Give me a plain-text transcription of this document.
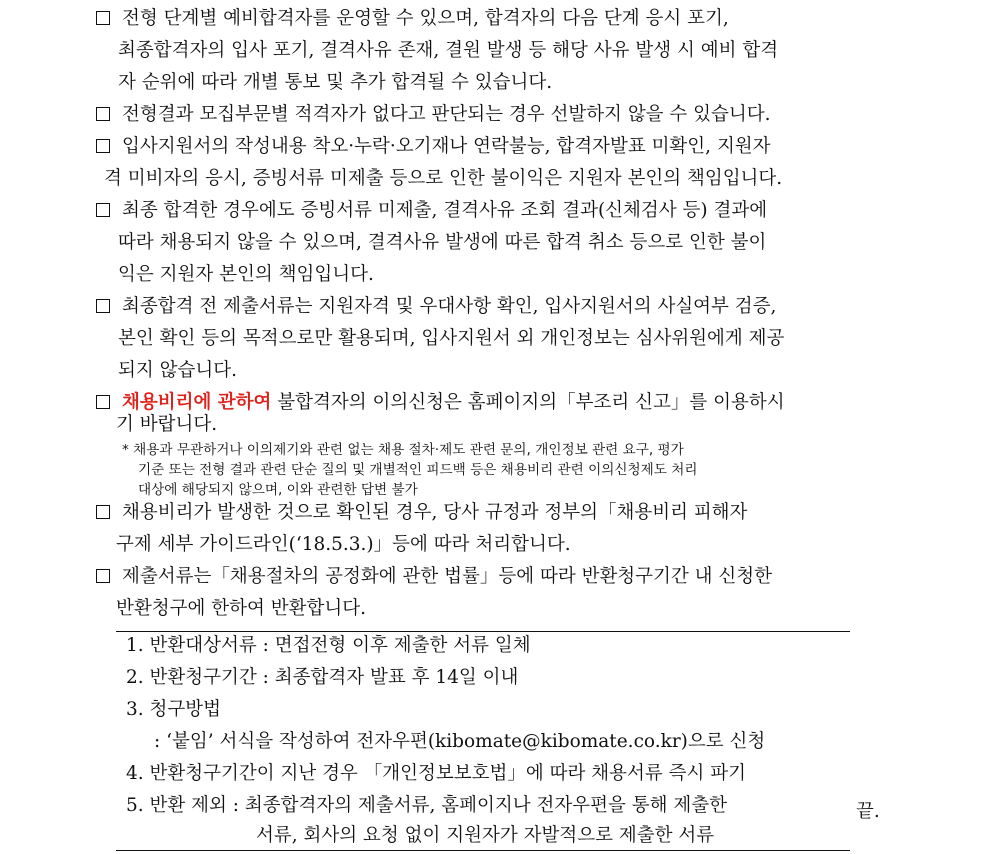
전형 단계별 예비합격자를 운영할 수 있으며, 합격자의 다음 단계 응시 포기,
최종합격자의 입사 포기, 결격사유 존재, 결원 발생 등 해당 사유 발생 시 예비 합격
자 순위에 따라 개별 통보 및 추가 합격될 수 있습니다.
전형결과 모집부문별 적격자가 없다고 판단되는 경우 선발하지 않을 수 있습니다.
입사지원서의 작성내용 착오·누락·오기재나 연락불능, 합격자발표 미확인, 지원자
격 미비자의 응시, 증빙서류 미제출 등으로 인한 불이익은 지원자 본인의 책임입니다.
최종 합격한 경우에도 증빙서류 미제출, 결격사유 조회 결과(신체검사 등) 결과에
따라 채용되지 않을 수 있으며, 결격사유 발생에 따른 합격 취소 등으로 인한 불이
익은 지원자 본인의 책임입니다.
최종합격 전 제출서류는 지원자격 및 우대사항 확인, 입사지원서의 사실여부 검증,
본인 확인 등의 목적으로만 활용되며, 입사지원서 외 개인정보는 심사위원에게 제공
되지 않습니다.
채용비리에 관하여 불합격자의 이의신청은 홈페이지의「부조리 신고」를 이용하시
기 바랍니다.
* 채용과 무관하거나 이의제기와 관련 없는 채용 절차·제도 관련 문의, 개인정보 관련 요구, 평가
기준 또는 전형 결과 관련 단순 질의 및 개별적인 피드백 등은 채용비리 관련 이의신청제도 처리
대상에 해당되지 않으며, 이와 관련한 답변 불가
채용비리가 발생한 것으로 확인된 경우, 당사 규정과 정부의「채용비리 피해자
구제 세부 가이드라인(‘18.5.3.)」등에 따라 처리합니다.
제출서류는「채용절차의 공정화에 관한 법률」등에 따라 반환청구기간 내 신청한
반환청구에 한하여 반환합니다.
1. 반환대상서류 : 면접전형 이후 제출한 서류 일체
2. 반환청구기간 : 최종합격자 발표 후 14일 이내
3. 청구방법
: ‘붙임’ 서식을 작성하여 전자우편(kibomate@kibomate.co.kr)으로 신청
4. 반환청구기간이 지난 경우 「개인정보보호법」에 따라 채용서류 즉시 파기
5. 반환 제외 : 최종합격자의 제출서류, 홈페이지나 전자우편을 통해 제출한
서류, 회사의 요청 없이 지원자가 자발적으로 제출한 서류
끝.
